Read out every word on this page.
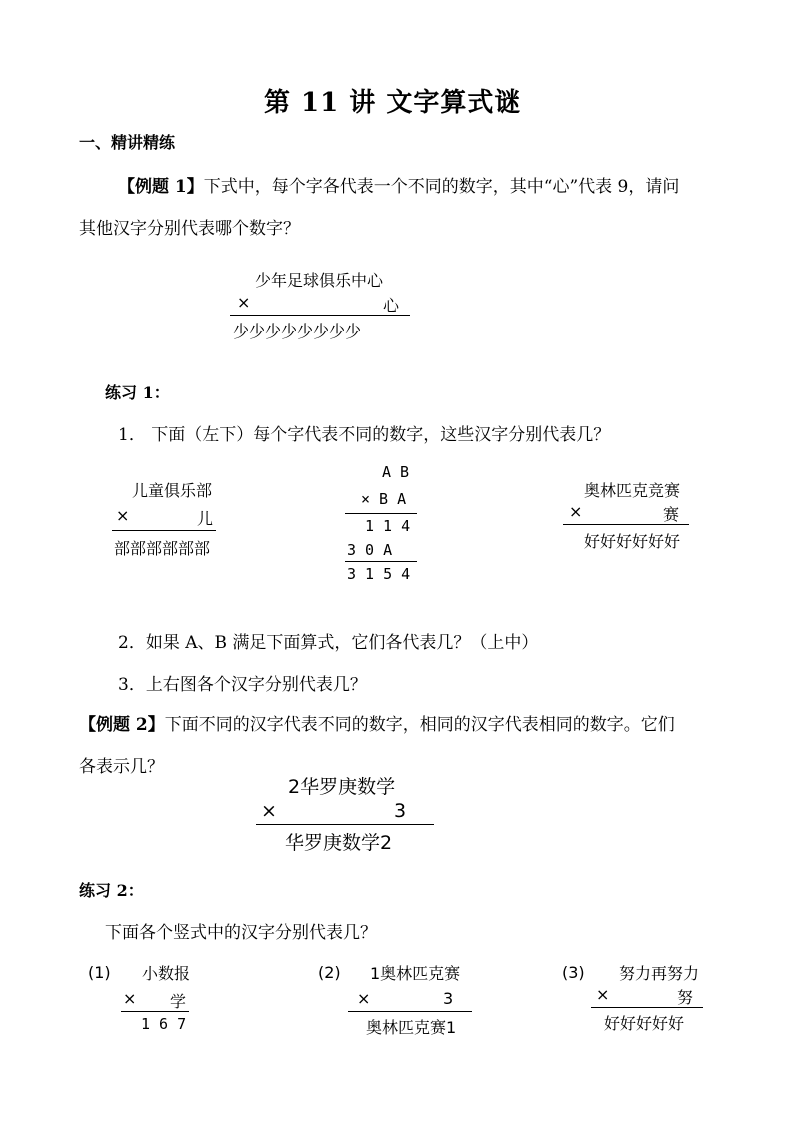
第 11 讲 文字算式谜
一、精讲精练
【例题 1】下式中，每个字各代表一个不同的数字，其中“心”代表 9，请问
其他汉字分别代表哪个数字？
少年足球俱乐中心
×	心
少少少少少少少少
练习 1：
1． 下面（左下）每个字代表不同的数字，这些汉字分别代表几？
儿童俱乐部
×	儿
部部部部部部
A B
× B A
1 1 4
3 0 A
3 1 5 4
奥林匹克竞赛
×	赛
好好好好好好
2．如果 A、B 满足下面算式，它们各代表几？（上中）
3．上右图各个汉字分别代表几？
【例题 2】下面不同的汉字代表不同的数字，相同的汉字代表相同的数字。它们
各表示几？
2华罗庚数学
×	3
华罗庚数学2
练习 2：
下面各个竖式中的汉字分别代表几？
(1) 小数报
× 学
1 6 7
(2) 1奥林匹克赛
×	3
奥林匹克赛1
(3) 努力再努力
×	努
好好好好好
